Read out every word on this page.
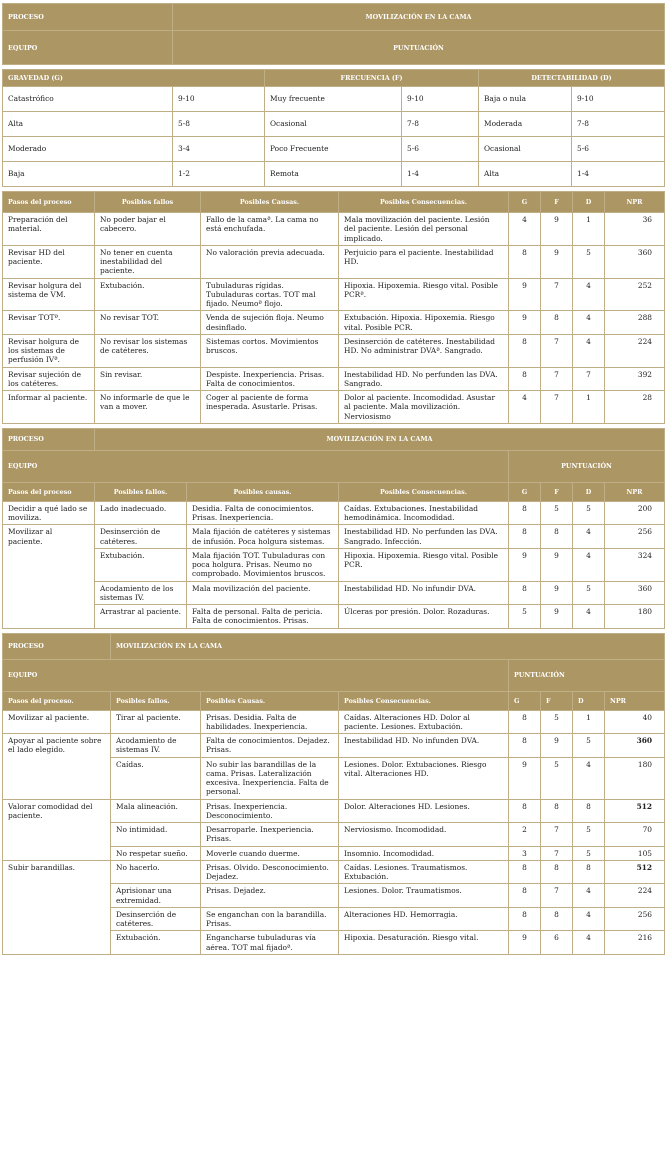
PROCESO	MOVILIZACIÓN EN LA CAMA
EQUIPO	PUNTUACIÓN
GRAVEDAD (G)		FRECUENCIA (F)		DETECTABILIDAD (D)	
Catastrófico	9-10	Muy frecuente	9-10	Baja o nula	9-10
Alta	5-8	Ocasional	7-8	Moderada	7-8
Moderado	3-4	Poco Frecuente	5-6	Ocasional	5-6
Baja	1-2	Remota	1-4	Alta	1-4
Pasos del proceso	Posibles fallos	Posibles Causas.	Posibles Consecuencias.	G	F	D	NPR
Preparación del material.	No poder bajar el cabecero.	Fallo de la camaª. La cama no está enchufada.	Mala movilización del paciente. Lesión del paciente. Lesión del personal implicado.	4	9	1	36
Revisar HD del paciente.	No tener en cuenta inestabilidad del paciente.	No valoración previa adecuada.	Perjuicio para el paciente. Inestabilidad HD.	8	9	5	360
Revisar holgura del sistema de VM.	Extubación.	Tubuladuras rígidas. Tubuladuras cortas. TOT mal fijado. Neumoª flojo.	Hipoxia. Hipoxemia. Riesgo vital. Posible PCRª.	9	7	4	252
Revisar TOTª.	No revisar TOT.	Venda de sujeción floja. Neumo desinflado.	Extubación. Hipoxia. Hipoxemia. Riesgo vital. Posible PCR.	9	8	4	288
Revisar holgura de los sistemas de perfusión IVª.	No revisar los sistemas de catéteres.	Sistemas cortos. Movimientos bruscos.	Desinserción de catéteres. Inestabilidad HD. No administrar DVAª. Sangrado.	8	7	4	224
Revisar sujeción de los catéteres.	Sin revisar.	Despiste. Inexperiencia. Prisas. Falta de conocimientos.	Inestabilidad HD. No perfunden las DVA. Sangrado.	8	7	7	392
Informar al paciente.	No informarle de que le van a mover.	Coger al paciente de forma inesperada. Asustarle. Prisas.	Dolor al paciente. Incomodidad. Asustar al paciente. Mala movilización. Nerviosismo	4	7	1	28
PROCESO	MOVILIZACIÓN EN LA CAMA						
EQUIPO				PUNTUACIÓN			
Pasos del proceso	Posibles fallos.	Posibles causas.	Posibles Consecuencias.	G	F	D	NPR
Decidir a qué lado se moviliza.	Lado inadecuado.	Desidia. Falta de conocimientos. Prisas. Inexperiencia.	Caídas. Extubaciones. Inestabilidad hemodinámica. Incomodidad.	8	5	5	200
Movilizar al paciente.	Desinserción de catéteres.	Mala fijación de catéteres y sistemas de infusión. Poca holgura sistemas.	Inestabilidad HD. No perfunden las DVA. Sangrado. Infección.	8	8	4	256
	Extubación.	Mala fijación TOT. Tubuladuras con poca holgura. Prisas. Neumo no comprobado. Movimientos bruscos.	Hipoxia. Hipoxemia. Riesgo vital. Posible PCR.	9	9	4	324
	Acodamiento de los sistemas IV.	Mala movilización del paciente.	Inestabilidad HD. No infundir DVA.	8	9	5	360
	Arrastrar al paciente.	Falta de personal. Falta de pericia. Falta de conocimientos. Prisas.	Úlceras por presión. Dolor. Rozaduras.	5	9	4	180
PROCESO	MOVILIZACIÓN EN LA CAMA						
EQUIPO				PUNTUACIÓN			
Pasos del proceso.	Posibles fallos.	Posibles Causas.	Posibles Consecuencias.	G	F	D	NPR
Movilizar al paciente.	Tirar al paciente.	Prisas. Desidia. Falta de habilidades. Inexperiencia.	Caídas. Alteraciones HD. Dolor al paciente. Lesiones. Extubación.	8	5	1	40
Apoyar al paciente sobre el lado elegido.	Acodamiento de sistemas IV.	Falta de conocimientos. Dejadez. Prisas.	Inestabilidad HD. No infunden DVA.	8	9	5	360
	Caídas.	No subir las barandillas de la cama. Prisas. Lateralización excesiva. Inexperiencia. Falta de personal.	Lesiones. Dolor. Extubaciones. Riesgo vital. Alteraciones HD.	9	5	4	180
Valorar comodidad del paciente.	Mala alineación.	Prisas. Inexperiencia. Desconocimiento.	Dolor. Alteraciones HD. Lesiones.	8	8	8	512
	No intimidad.	Desarroparle. Inexperiencia. Prisas.	Nerviosismo. Incomodidad.	2	7	5	70
	No respetar sueño.	Moverle cuando duerme.	Insomnio. Incomodidad.	3	7	5	105
Subir barandillas.	No hacerlo.	Prisas. Olvido. Desconocimiento. Dejadez.	Caídas. Lesiones. Traumatismos. Extubación.	8	8	8	512
	Aprisionar una extremidad.	Prisas. Dejadez.	Lesiones. Dolor. Traumatismos.	8	7	4	224
	Desinserción de catéteres.	Se enganchan con la barandilla. Prisas.	Alteraciones HD. Hemorragia.	8	8	4	256
	Extubación.	Engancharse tubuladuras vía aérea. TOT mal fijadoª.	Hipoxia. Desaturación. Riesgo vital.	9	6	4	216
